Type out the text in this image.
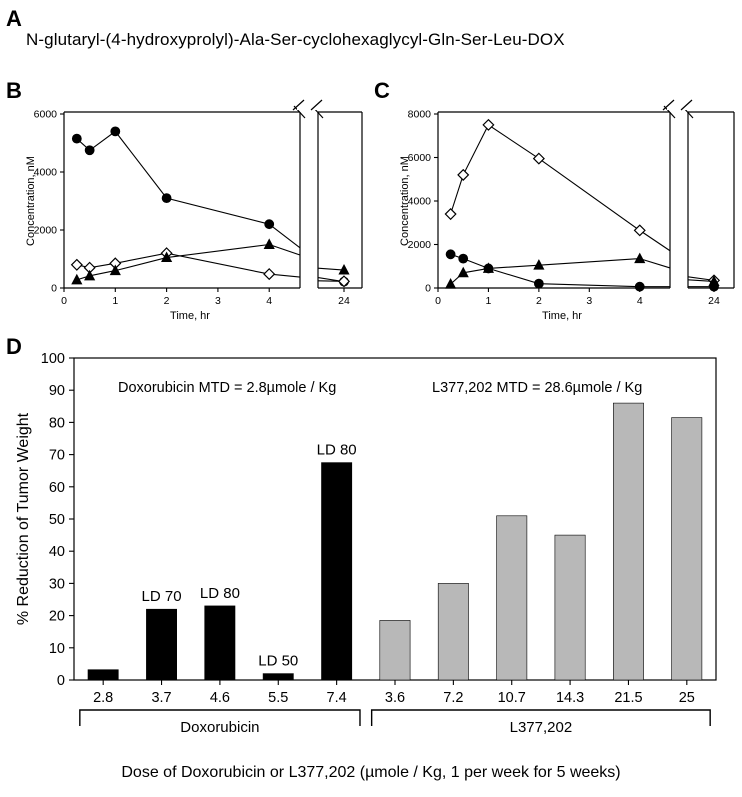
A
N-glutaryl-(4-hydroxyprolyl)-Ala-Ser-cyclohexaglycyl-Gln-Ser-Leu-DOX
B	C
D
0
2000
4000
6000
0	1	2	3	4	24
Time, hr
Concentration, nM
0
2000
4000
6000
8000
0	1	2	3	4	24
Time, hr
Concentration, nM
0
10
20
30
40
50
60
70
80
90
100
% Reduction of Tumor Weight
2.8	3.7
LD 70
4.6
LD 80
5.5
LD 50
7.4
LD 80
3.6	7.2 10.7 14.3 21.5 25
Doxorubicin MTD = 2.8µmole / Kg	L377,202 MTD = 28.6µmole / Kg
Doxorubicin	L377,202
Dose of Doxorubicin or L377,202 (µmole / Kg, 1 per week for 5 weeks)
